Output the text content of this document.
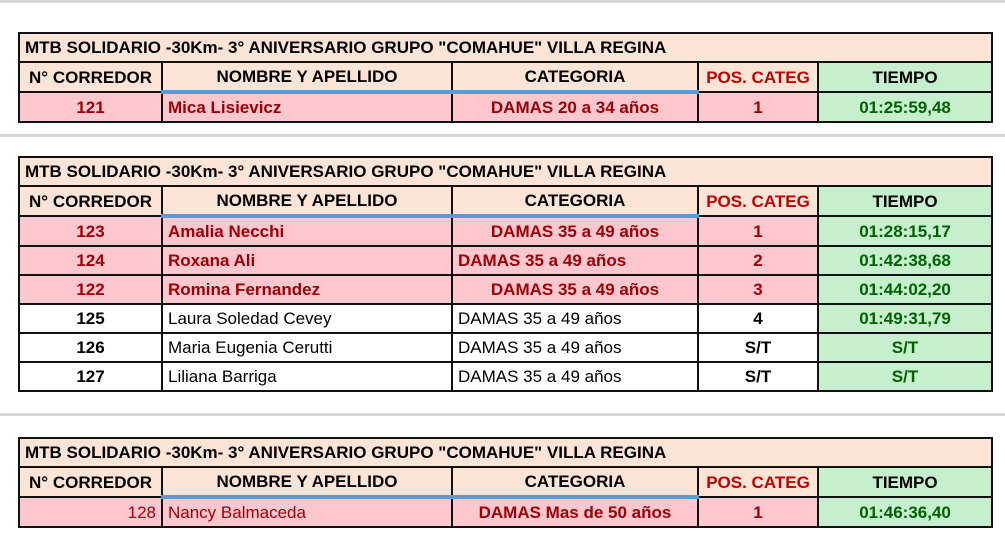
MTB SOLIDARIO -30Km- 3° ANIVERSARIO GRUPO "COMAHUE" VILLA REGINA				
N° CORREDOR	NOMBRE Y APELLIDO	CATEGORIA	POS. CATEG	TIEMPO
121	Mica Lisievicz	DAMAS 20 a 34 años	1	01:25:59,48
MTB SOLIDARIO -30Km- 3° ANIVERSARIO GRUPO "COMAHUE" VILLA REGINA				
N° CORREDOR	NOMBRE Y APELLIDO	CATEGORIA	POS. CATEG	TIEMPO
123	Amalia Necchi	DAMAS 35 a 49 años	1	01:28:15,17
124	Roxana Ali	DAMAS 35 a 49 años	2	01:42:38,68
122	Romina Fernandez	DAMAS 35 a 49 años	3	01:44:02,20
125	Laura Soledad Cevey	DAMAS 35 a 49 años	4	01:49:31,79
126	Maria Eugenia Cerutti	DAMAS 35 a 49 años	S/T	S/T
127	Liliana Barriga	DAMAS 35 a 49 años	S/T	S/T
MTB SOLIDARIO -30Km- 3° ANIVERSARIO GRUPO "COMAHUE" VILLA REGINA				
N° CORREDOR	NOMBRE Y APELLIDO	CATEGORIA	POS. CATEG	TIEMPO
128	Nancy Balmaceda	DAMAS Mas de 50 años	1	01:46:36,40
